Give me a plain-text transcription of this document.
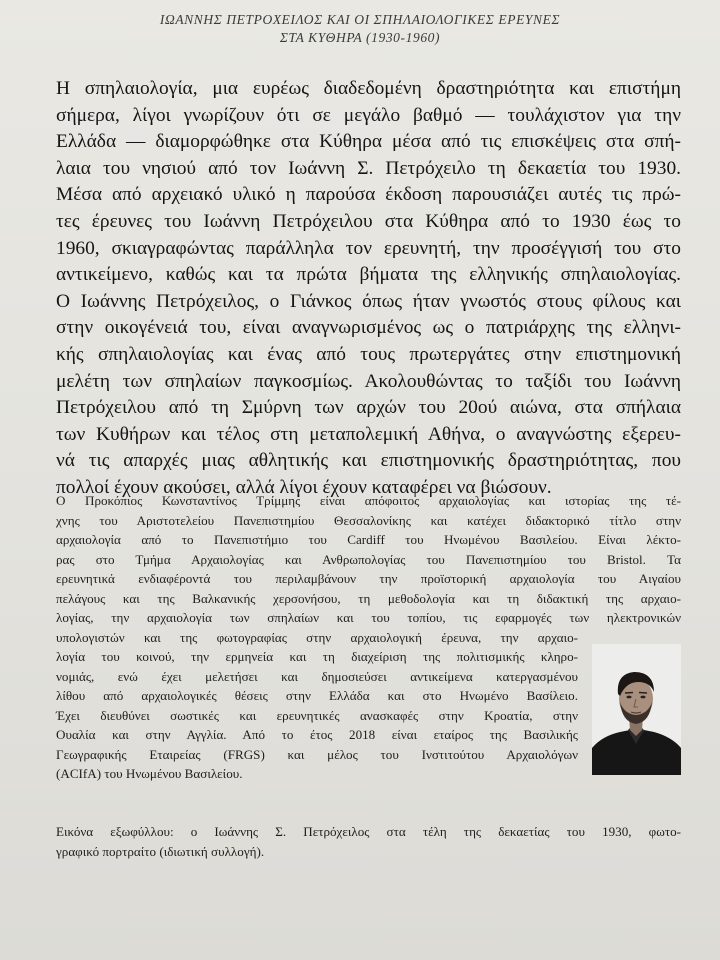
ΙΩΑΝΝΗΣ ΠΕΤΡΟΧΕΙΛΟΣ ΚΑΙ ΟΙ ΣΠΗΛΑΙΟΛΟΓΙΚΕΣ ΕΡΕΥΝΕΣ
ΣΤΑ ΚΥΘΗΡΑ (1930-1960)
Η σπηλαιολογία, μια ευρέως διαδεδομένη δραστηριότητα και επιστήμη
σήμερα, λίγοι γνωρίζουν ότι σε μεγάλο βαθμό — τουλάχιστον για την
Ελλάδα — διαμορφώθηκε στα Κύθηρα μέσα από τις επισκέψεις στα σπή-
λαια του νησιού από τον Ιωάννη Σ. Πετρόχειλο τη δεκαετία του 1930.
Μέσα από αρχειακό υλικό η παρούσα έκδοση παρουσιάζει αυτές τις πρώ-
τες έρευνες του Ιωάννη Πετρόχειλου στα Κύθηρα από το 1930 έως το
1960, σκιαγραφώντας παράλληλα τον ερευνητή, την προσέγγισή του στο
αντικείμενο, καθώς και τα πρώτα βήματα της ελληνικής σπηλαιολογίας.
Ο Ιωάννης Πετρόχειλος, ο Γιάνκος όπως ήταν γνωστός στους φίλους και
στην οικογένειά του, είναι αναγνωρισμένος ως ο πατριάρχης της ελληνι-
κής σπηλαιολογίας και ένας από τους πρωτεργάτες στην επιστημονική
μελέτη των σπηλαίων παγκοσμίως. Ακολουθώντας το ταξίδι του Ιωάννη
Πετρόχειλου από τη Σμύρνη των αρχών του 20ού αιώνα, στα σπήλαια
των Κυθήρων και τέλος στη μεταπολεμική Αθήνα, ο αναγνώστης εξερευ-
νά τις απαρχές μιας αθλητικής και επιστημονικής δραστηριότητας, που
πολλοί έχουν ακούσει, αλλά λίγοι έχουν καταφέρει να βιώσουν.
Ο Προκόπιος Κωνσταντίνος Τρίμμης είναι απόφοιτος αρχαιολογίας και ιστορίας της τέ-
χνης του Αριστοτελείου Πανεπιστημίου Θεσσαλονίκης και κατέχει διδακτορικό τίτλο στην
αρχαιολογία από το Πανεπιστήμιο του Cardiff του Ηνωμένου Βασιλείου. Είναι λέκτο-
ρας στο Τμήμα Αρχαιολογίας και Ανθρωπολογίας του Πανεπιστημίου του Bristol. Τα
ερευνητικά ενδιαφέροντά του περιλαμβάνουν την προϊστορική αρχαιολογία του Αιγαίου
πελάγους και της Βαλκανικής χερσονήσου, τη μεθοδολογία και τη διδακτική της αρχαιο-
λογίας, την αρχαιολογία των σπηλαίων και του τοπίου, τις εφαρμογές των ηλεκτρονικών
υπολογιστών και της φωτογραφίας στην αρχαιολογική έρευνα, την αρχαιο-
λογία του κοινού, την ερμηνεία και τη διαχείριση της πολιτισμικής κληρο-
νομιάς, ενώ έχει μελετήσει και δημοσιεύσει αντικείμενα κατεργασμένου
λίθου από αρχαιολογικές θέσεις στην Ελλάδα και στο Ηνωμένο Βασίλειο.
Έχει διευθύνει σωστικές και ερευνητικές ανασκαφές στην Κροατία, στην
Ουαλία και στην Αγγλία. Από το έτος 2018 είναι εταίρος της Βασιλικής
Γεωγραφικής Εταιρείας (FRGS) και μέλος του Ινστιτούτου Αρχαιολόγων
(ACIfA) του Ηνωμένου Βασιλείου.
Εικόνα εξωφύλλου: ο Ιωάννης Σ. Πετρόχειλος στα τέλη της δεκαετίας του 1930, φωτο-
γραφικό πορτραίτο (ιδιωτική συλλογή).
